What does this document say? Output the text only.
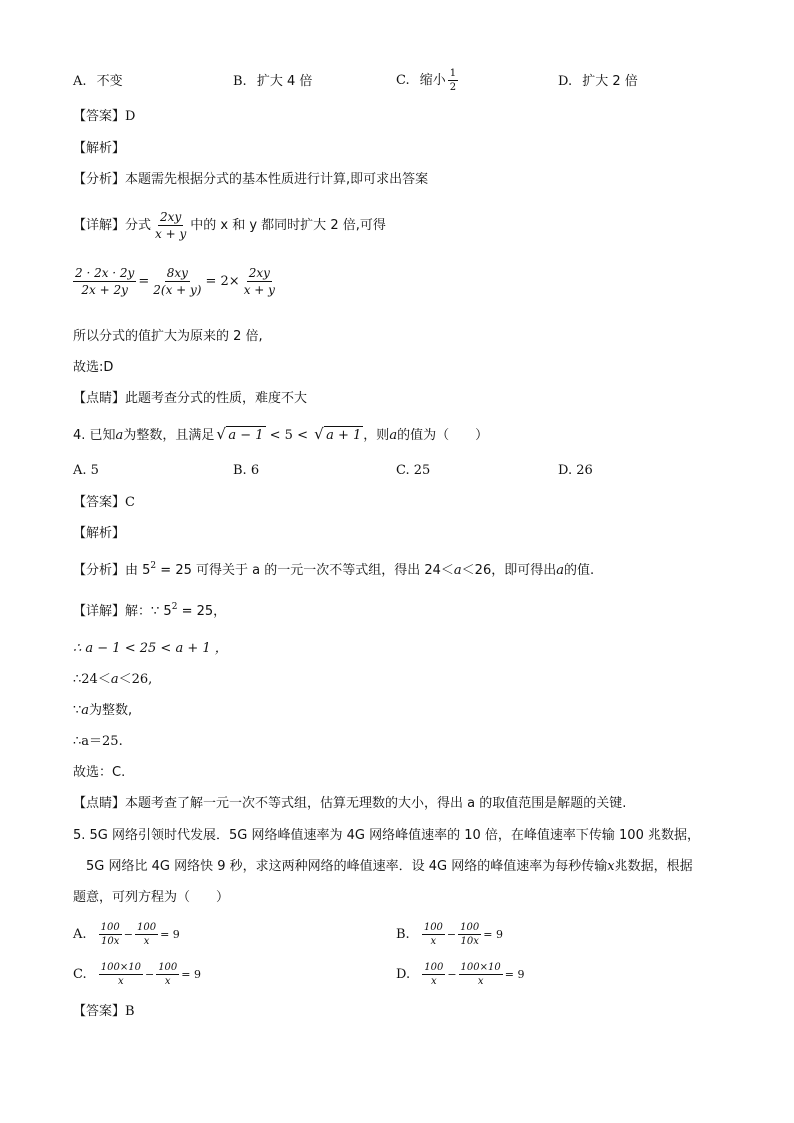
A. 不变	B. 扩大 4 倍	C. 缩小 $\frac{1}{2}$	D. 扩大 2 倍
【答案】D
【解析】
【分析】本题需先根据分式的基本性质进行计算,即可求出答案
【详解】分式 $\frac{2xy}{x + y}$ 中的 x 和 y 都同时扩大 2 倍,可得
$\frac{2 \cdot 2x \cdot 2y}{2x + 2y} = \frac{8xy}{2(x + y)} = 2\times \frac{2xy}{x + y}$
所以分式的值扩大为原来的 2 倍,
故选:D
【点睛】此题考查分式的性质，难度不大
4. 已知a为整数，且满足 √ a − 1 < 5 < √ a + 1 ，则a的值为（　　）
A. 5	B. 6	C. 25	D. 26
【答案】C
【解析】
【分析】由 $5^2 = 25$ 可得关于 a 的一元一次不等式组，得出 24＜a＜26，即可得出a的值.
【详解】解：∵ $5^2 = 25$，
∴ a − 1 < 25 < a + 1 ，
∴24＜a＜26,
∵a为整数,
∴a＝25.
故选：C.
【点睛】本题考查了解一元一次不等式组，估算无理数的大小，得出 a 的取值范围是解题的关键.
5. 5G 网络引领时代发展．5G 网络峰值速率为 4G 网络峰值速率的 10 倍，在峰值速率下传输 100 兆数据，
5G 网络比 4G 网络快 9 秒，求这两种网络的峰值速率．设 4G 网络的峰值速率为每秒传输x兆数据，根据
题意，可列方程为（　　）
A. $\frac{100}{10x} - \frac{100}{x} = 9$	B. $\frac{100}{x} - \frac{100}{10x} = 9$
C. $\frac{100\times 10}{x} - \frac{100}{x} = 9$	D. $\frac{100}{x} - \frac{100\times 10}{x} = 9$
【答案】B
